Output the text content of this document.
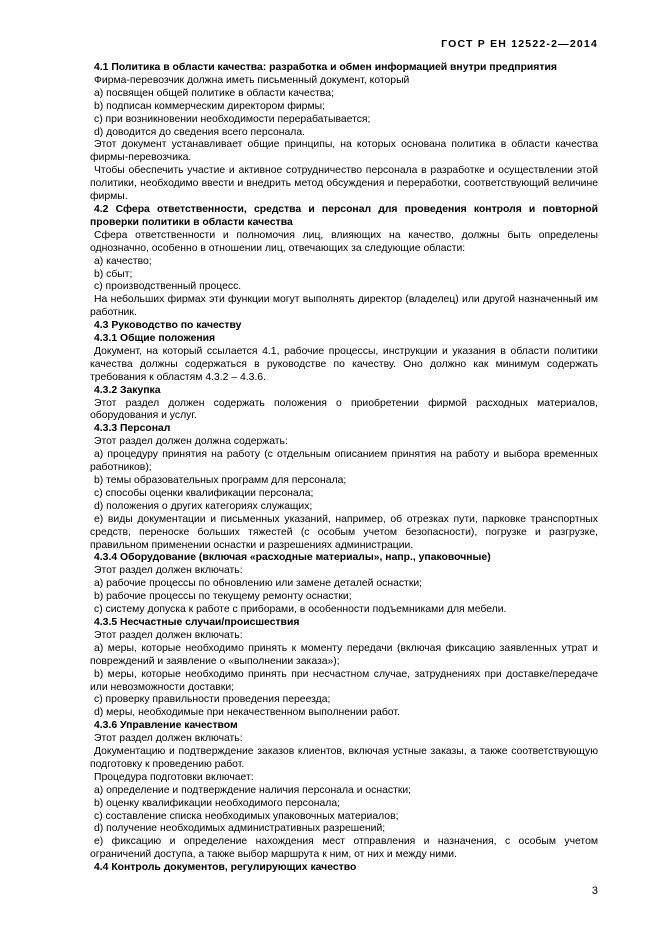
ГОСТ Р ЕН 12522-2—2014

4.1 Политика в области качества: разработка и обмен информацией внутри предприятия

Фирма-перевозчик должна иметь письменный документ, который

a) посвящен общей политике в области качества;

b) подписан коммерческим директором фирмы;

c) при возникновении необходимости перерабатывается;

d) доводится до сведения всего персонала.

Этот документ устанавливает общие принципы, на которых основана политика в области качества фирмы-перевозчика.

Чтобы обеспечить участие и активное сотрудничество персонала в разработке и осуществлении этой политики, необходимо ввести и внедрить метод обсуждения и переработки, соответствующий величине фирмы.

4.2 Сфера ответственности, средства и персонал для проведения контроля и повторной проверки политики в области качества

Сфера ответственности и полномочия лиц, влияющих на качество, должны быть определены однозначно, особенно в отношении лиц, отвечающих за следующие области:

a) качество;

b) сбыт;

c) производственный процесс.

На небольших фирмах эти функции могут выполнять директор (владелец) или другой назначенный им работник.

4.3 Руководство по качеству

4.3.1 Общие положения

Документ, на который ссылается 4.1, рабочие процессы, инструкции и указания в области политики качества должны содержаться в руководстве по качеству. Оно должно как минимум содержать требования к областям 4.3.2 – 4.3.6.

4.3.2 Закупка

Этот раздел должен содержать положения о приобретении фирмой расходных материалов, оборудования и услуг.

4.3.3 Персонал

Этот раздел должен должна содержать:

a) процедуру принятия на работу (с отдельным описанием принятия на работу и выбора временных работников);

b) темы образовательных программ для персонала;

c) способы оценки квалификации персонала;

d) положения о других категориях служащих;

e) виды документации и письменных указаний, например, об отрезках пути, парковке транспортных средств, переноске больших тяжестей (с особым учетом безопасности), погрузке и разгрузке, правильном применении оснастки и разрешениях администрации.

4.3.4 Оборудование (включая «расходные материалы», напр., упаковочные)

Этот раздел должен включать:

a) рабочие процессы по обновлению или замене деталей оснастки;

b) рабочие процессы по текущему ремонту оснастки;

c) систему допуска к работе с приборами, в особенности подъемниками для мебели.

4.3.5 Несчастные случаи/происшествия

Этот раздел должен включать:

a) меры, которые необходимо принять к моменту передачи (включая фиксацию заявленных утрат и повреждений и заявление о «выполнении заказа»);

b) меры, которые необходимо принять при несчастном случае, затруднениях при доставке/передаче или невозможности доставки;

c) проверку правильности проведения переезда;

d) меры, необходимые при некачественном выполнении работ.

4.3.6 Управление качеством

Этот раздел должен включать:

Документацию и подтверждение заказов клиентов, включая устные заказы, а также соответствующую подготовку к проведению работ.

Процедура подготовки включает:

a) определение и подтверждение наличия персонала и оснастки;

b) оценку квалификации необходимого персонала;

c) составление списка необходимых упаковочных материалов;

d) получение необходимых административных разрешений;

e) фиксацию и определение нахождения мест отправления и назначения, с особым учетом ограничений доступа, а также выбор маршрута к ним, от них и между ними.

4.4 Контроль документов, регулирующих качество

3
